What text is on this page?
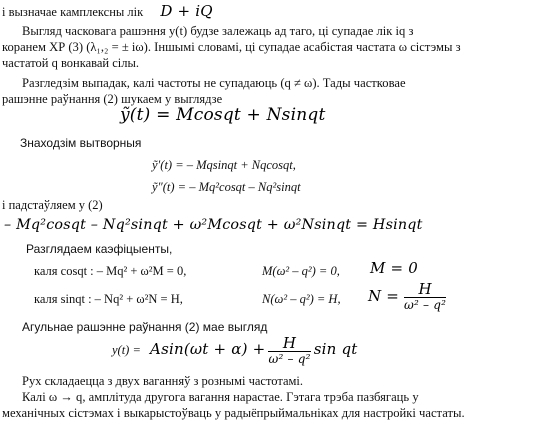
і вызначае камплексны лік D + iQ
Выгляд часковага рашэння y(t) будзе залежаць ад таго, ці супадае лік iq з
коранем ХР (3) (λ₁,₂ = ± iω). Іншымі словамі, ці супадае асабістая частата ω сістэмы з
частатой q вонкавай сілы.
Разгледзім выпадак, калі частоты не супадаюць (q ≠ ω). Тады частковае
рашэнне раўнання (2) шукаем у выглядзе
ỹ(t) = Mcosqt + Nsinqt
Знаходзім вытворныя
ỹ′(t) = – Mqsinqt + Nqcosqt,
ỹ″(t) = – Mq²cosqt – Nq²sinqt
і падстаўляем у (2)
– Mq²cosqt – Nq²sinqt + ω²Mcosqt + ω²Nsinqt = Hsinqt
Разглядаем каэфіцыенты,
каля cosqt : – Mq² + ω²M = 0,	M(ω² – q²) = 0, M = 0
каля sinqt : – Nq² + ω²N = H,	N(ω² – q²) = H, $N = \frac{H}{\text{ω² – q²}}$
Агульнае рашэнне раўнання (2) мае выгляд
$y(t) = Asin(\omega t + \alpha) + \frac{H}{\text{ω² – q²}}$ sin qt
Рух складаецца з двух ваганняў з рознымі частотамі.
Калі ω → q, амплітуда другога вагання нарастае. Гэтага трэба пазбягаць у
механічных сістэмах і выкарыстоўваць у радыёпрыймальніках для настройкі частаты.
